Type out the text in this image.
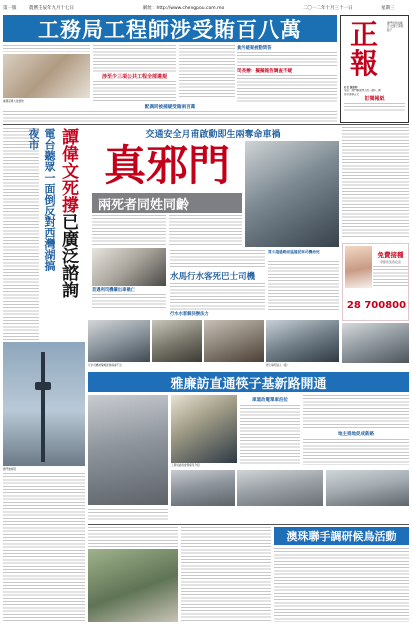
第一版	農曆壬辰年九月十七日	網址：http://www.chengpou.com.mo	二〇一二年十月三十一日	星期三
工務局工程師涉受賄百八萬	正報
澳門居民的喉舌 社會公眾的鏡子
社長 黃康明
地址：澳門羅保博士街一號A二樓
每份港幣五元
訂閱報紙
廉署起獲大批證物
涉至少三項公共工程全部違規
貪污疑案被動問答
司長辦：擬擬報告調查不疑
配偶同被捕疑受賄兩百萬
電台聽眾一面倒反對西灣湖搞夜市	譚偉文死撐已廣泛諮詢
澳門旅遊塔
交通安全月甫啟動即生兩奪命車禍
真邪門
兩死者同姓同齡
首遇利司機肇出車禍亡
水馬行水客死巴士司機
貨斗越過路面猛撞泥車司機命死
行水水客解決辦法力
行水司機被撞斃當場傷重不治	德士撞死疑人（圖）
免費接種
季節性流感疫苗
28 700800
雅廉訪直通筷子基新路開通
工務局委員會黎偉英介紹
車道改電單車泊位
地主捐地促成新路
澳珠聯手調研候鳥活動
